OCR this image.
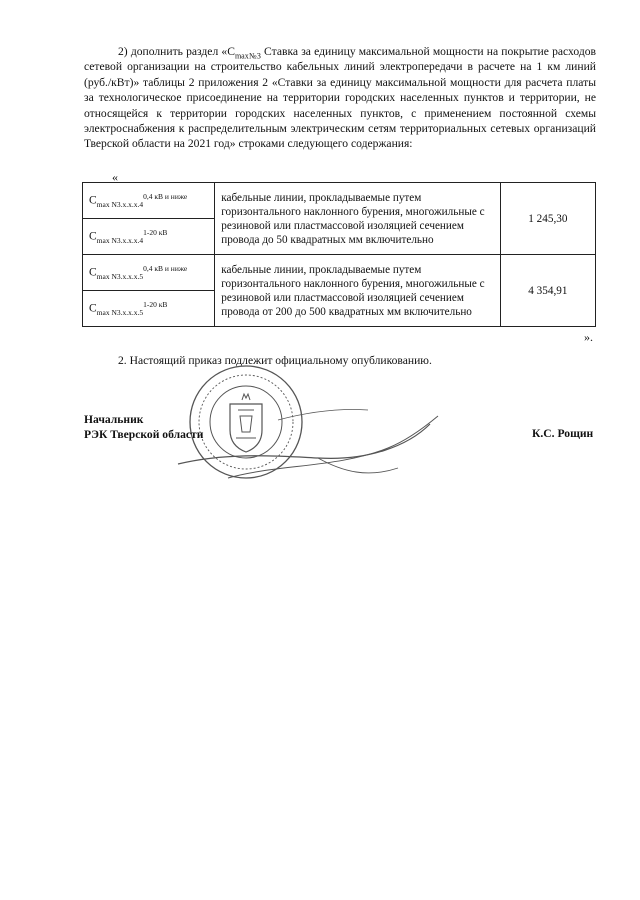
2) дополнить раздел «$С_{max№3}$ Ставка за единицу максимальной мощности на покрытие расходов сетевой организации на строительство кабельных линий электропередачи в расчете на 1 км линий (руб./кВт)» таблицы 2 приложения 2 «Ставки за единицу максимальной мощности для расчета платы за технологическое присоединение на территории городских населенных пунктов и территории, не относящейся к территории городских населенных пунктов, с применением постоянной схемы электроснабжения к распределительным электрическим сетям территориальных сетевых организаций Тверской области на 2021 год» строками следующего содержания:

«
$C_{max N3.x.x.x.4}^{0,4 кВ и ниже}$	кабельные линии, прокладываемые путем горизонтального наклонного бурения, многожильные с резиновой или пластмассовой изоляцией сечением провода до 50 квадратных мм включительно	1 245,30
$C_{max N3.x.x.x.4}^{1-20 кВ}$
$C_{max N3.x.x.x.5}^{0,4 кВ и ниже}$	кабельные линии, прокладываемые путем горизонтального наклонного бурения, многожильные с резиновой или пластмассовой изоляцией сечением провода от 200 до 500 квадратных мм включительно	4 354,91
$C_{max N3.x.x.x.5}^{1-20 кВ}$
».

2. Настоящий приказ подлежит официальному опубликованию.

Начальник
РЭК Тверской области	К.С. Рощин
